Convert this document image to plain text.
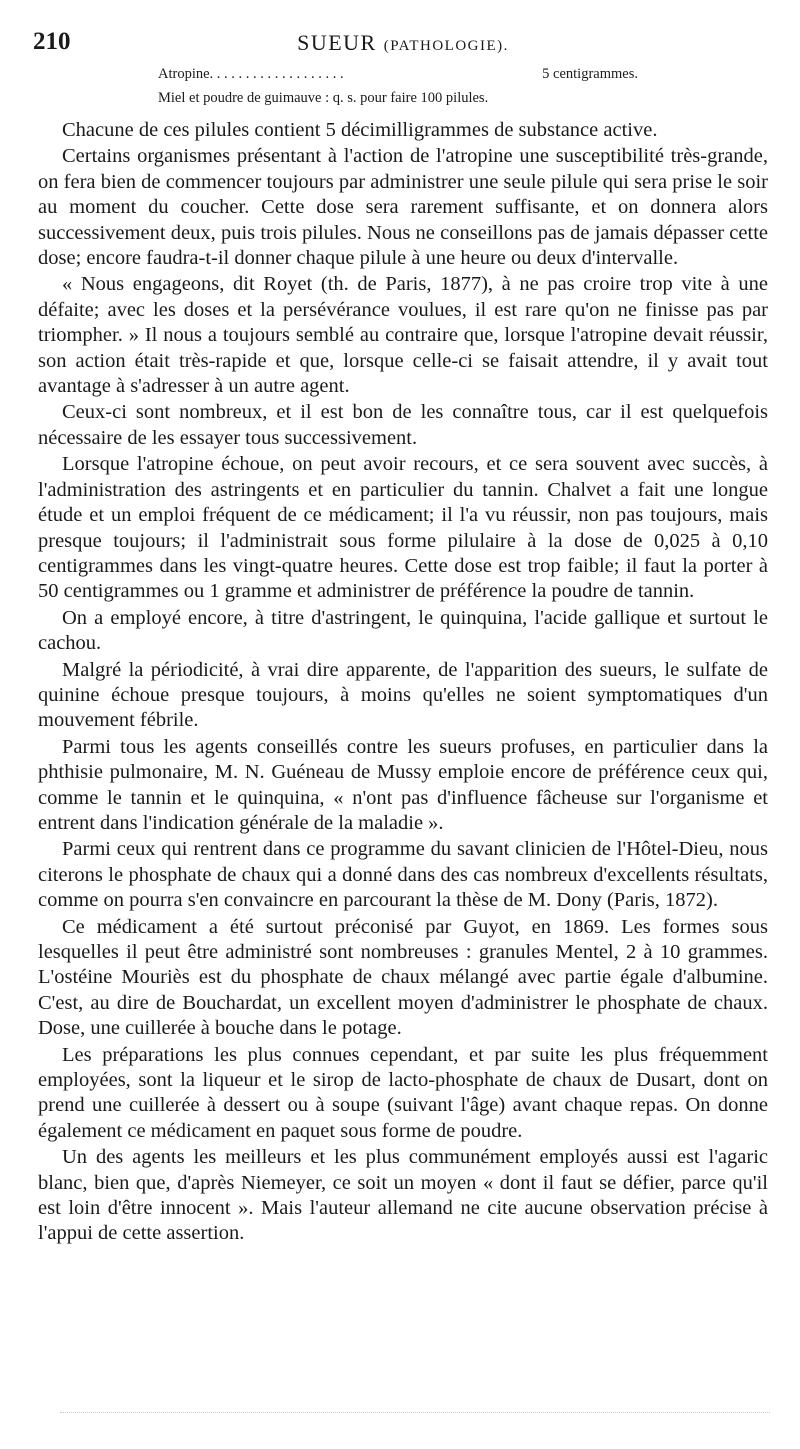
210	SUEUR (PATHOLOGIE).
Atropine. . . . . . . . . . . . . . . . . . .	5 centigrammes.
Miel et poudre de guimauve : q. s. pour faire 100 pilules.

Chacune de ces pilules contient 5 décimilligrammes de substance active.

Certains organismes présentant à l'action de l'atropine une susceptibilité très-grande, on fera bien de commencer toujours par administrer une seule pilule qui sera prise le soir au moment du coucher. Cette dose sera rarement suffisante, et on donnera alors successivement deux, puis trois pilules. Nous ne conseillons pas de jamais dépasser cette dose; encore faudra-t-il donner chaque pilule à une heure ou deux d'intervalle.

« Nous engageons, dit Royet (th. de Paris, 1877), à ne pas croire trop vite à une défaite; avec les doses et la persévérance voulues, il est rare qu'on ne finisse pas par triompher. » Il nous a toujours semblé au contraire que, lorsque l'atropine devait réussir, son action était très-rapide et que, lorsque celle-ci se faisait attendre, il y avait tout avantage à s'adresser à un autre agent.

Ceux-ci sont nombreux, et il est bon de les connaître tous, car il est quelquefois nécessaire de les essayer tous successivement.

Lorsque l'atropine échoue, on peut avoir recours, et ce sera souvent avec succès, à l'administration des astringents et en particulier du tannin. Chalvet a fait une longue étude et un emploi fréquent de ce médicament; il l'a vu réussir, non pas toujours, mais presque toujours; il l'administrait sous forme pilulaire à la dose de 0,025 à 0,10 centigrammes dans les vingt-quatre heures. Cette dose est trop faible; il faut la porter à 50 centigrammes ou 1 gramme et administrer de préférence la poudre de tannin.

On a employé encore, à titre d'astringent, le quinquina, l'acide gallique et surtout le cachou.

Malgré la périodicité, à vrai dire apparente, de l'apparition des sueurs, le sulfate de quinine échoue presque toujours, à moins qu'elles ne soient symptomatiques d'un mouvement fébrile.

Parmi tous les agents conseillés contre les sueurs profuses, en particulier dans la phthisie pulmonaire, M. N. Guéneau de Mussy emploie encore de préférence ceux qui, comme le tannin et le quinquina, « n'ont pas d'influence fâcheuse sur l'organisme et entrent dans l'indication générale de la maladie ».

Parmi ceux qui rentrent dans ce programme du savant clinicien de l'Hôtel-Dieu, nous citerons le phosphate de chaux qui a donné dans des cas nombreux d'excellents résultats, comme on pourra s'en convaincre en parcourant la thèse de M. Dony (Paris, 1872).

Ce médicament a été surtout préconisé par Guyot, en 1869. Les formes sous lesquelles il peut être administré sont nombreuses : granules Mentel, 2 à 10 grammes. L'ostéine Mouriès est du phosphate de chaux mélangé avec partie égale d'albumine. C'est, au dire de Bouchardat, un excellent moyen d'administrer le phosphate de chaux. Dose, une cuillerée à bouche dans le potage.

Les préparations les plus connues cependant, et par suite les plus fréquemment employées, sont la liqueur et le sirop de lacto-phosphate de chaux de Dusart, dont on prend une cuillerée à dessert ou à soupe (suivant l'âge) avant chaque repas. On donne également ce médicament en paquet sous forme de poudre.

Un des agents les meilleurs et les plus communément employés aussi est l'agaric blanc, bien que, d'après Niemeyer, ce soit un moyen « dont il faut se défier, parce qu'il est loin d'être innocent ». Mais l'auteur allemand ne cite aucune observation précise à l'appui de cette assertion.
